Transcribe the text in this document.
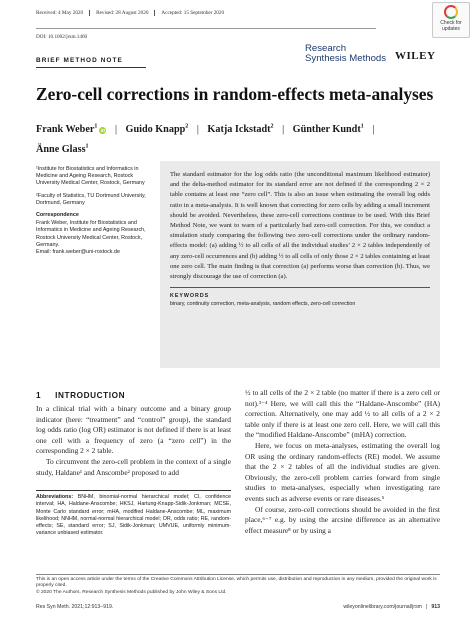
Received: 4 May 2020	Revised: 28 August 2020	Accepted: 15 September 2020
DOI: 10.1002/jrsm.1460
Check for
updates
Research
Synthesis Methods WILEY
BRIEF METHOD NOTE
Zero-cell corrections in random-effects meta-analyses
Frank Weber$^1$iD | Guido Knapp$^2$ | Katja Ickstadt$^2$ | Günther Kundt$^1$ |
Änne Glass$^1$

¹Institute for Biostatistics and Informatics in Medicine and Ageing Research, Rostock University Medical Center, Rostock, Germany

²Faculty of Statistics, TU Dortmund University, Dortmund, Germany

Correspondence
Frank Weber, Institute for Biostatistics and Informatics in Medicine and Ageing Research, Rostock University Medical Center, Rostock, Germany.
Email: frank.weber@uni-rostock.de

The standard estimator for the log odds ratio (the unconditional maximum likelihood estimator) and the delta-method estimator for its standard error are not defined if the corresponding 2 × 2 table contains at least one “zero cell”. This is also an issue when estimating the overall log odds ratio in a meta-analysis. It is well known that correcting for zero cells by adding a small increment should be avoided. Nevertheless, these zero-cell corrections continue to be used. With this Brief Method Note, we want to warn of a particularly bad zero-cell correction. For this, we conduct a simulation study comparing the following two zero-cell corrections under the ordinary random-effects model: (a) adding ½ to all cells of all the individual studies’ 2 × 2 tables independently of any zero-cell occurrences and (b) adding ½ to all cells of only those 2 × 2 tables containing at least one zero cell. The main finding is that correction (a) performs worse than correction (b). Thus, we strongly discourage the use of correction (a).

KEYWORDS
binary, continuity correction, meta-analysis, random effects, zero-cell correction
1 INTRODUCTION

In a clinical trial with a binary outcome and a binary group indicator (here: “treatment” and “control” group), the standard log odds ratio (log OR) estimator is not defined if there is at least one cell with a frequency of zero (a “zero cell”) in the corresponding 2 × 2 table.

To circumvent the zero-cell problem in the context of a single study, Haldane¹ and Anscombe² proposed to add

Abbreviations: BNHM, binomial-normal hierarchical model; CI, confidence interval; HA, Haldane-Anscombe; HKSJ, Hartung-Knapp-Sidik-Jonkman; MCSE, Monte Carlo standard error; mHA, modified Haldane-Anscombe; ML, maximum likelihood; NNHM, normal-normal hierarchical model; OR, odds ratio; RE, random-effects; SE, standard error; SJ, Sidik-Jonkman; UMVUE, uniformly minimum-variance unbiased estimator.

½ to all cells of the 2 × 2 table (no matter if there is a zero cell or not).³⁻⁴ Here, we will call this the “Haldane-Anscombe” (HA) correction. Alternatively, one may add ½ to all cells of a 2 × 2 table only if there is at least one zero cell. Here, we will call this the “modified Haldane-Anscombe” (mHA) correction.

Here, we focus on meta-analyses, estimating the overall log OR using the ordinary random-effects (RE) model. We assume that the 2 × 2 tables of all the individual studies are given. Obviously, the zero-cell problem carries forward from single studies to meta-analyses, especially when investigating rare events such as adverse events or rare diseases.⁵

Of course, zero-cell corrections should be avoided in the first place,⁶⁻⁷ e.g. by using the arcsine difference as an alternative effect measure⁸ or by using a

This is an open access article under the terms of the Creative Commons Attribution License, which permits use, distribution and reproduction in any medium, provided the original work is properly cited.
© 2020 The Authors. Research Synthesis Methods published by John Wiley & Sons Ltd.
Res Syn Meth. 2021;12:913–919.	wileyonlinelibrary.com/journal/jrsm | 913
